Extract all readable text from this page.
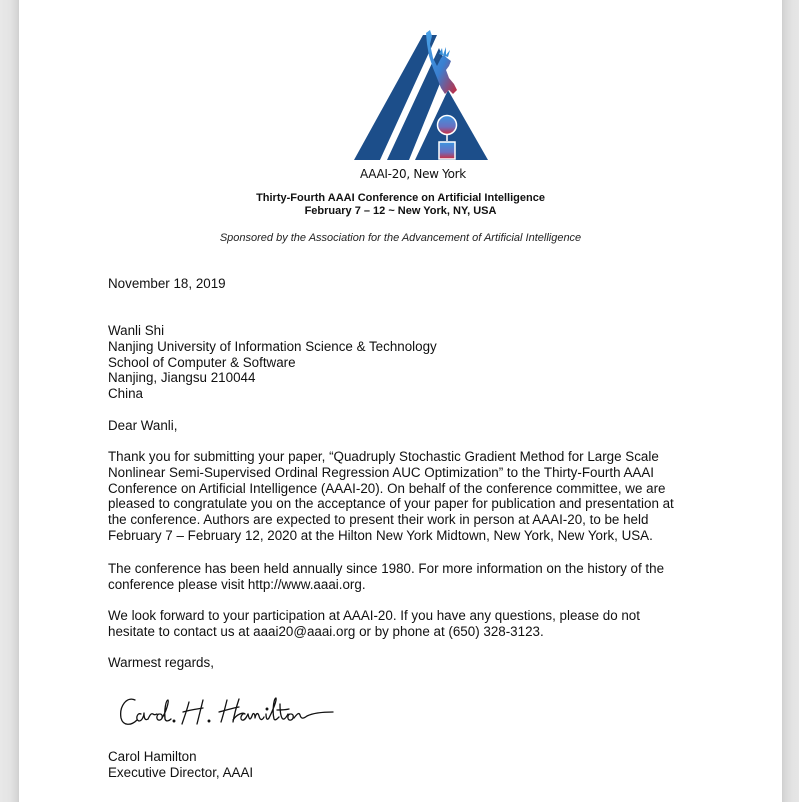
AAAI-20, New York
Thirty-Fourth AAAI Conference on Artificial Intelligence
February 7 – 12 ~ New York, NY, USA
Sponsored by the Association for the Advancement of Artificial Intelligence
November 18, 2019
Wanli Shi
Nanjing University of Information Science & Technology
School of Computer & Software
Nanjing, Jiangsu 210044
China
Dear Wanli,
Thank you for submitting your paper, “Quadruply Stochastic Gradient Method for Large Scale
Nonlinear Semi-Supervised Ordinal Regression AUC Optimization” to the Thirty-Fourth AAAI
Conference on Artificial Intelligence (AAAI-20). On behalf of the conference committee, we are
pleased to congratulate you on the acceptance of your paper for publication and presentation at
the conference. Authors are expected to present their work in person at AAAI-20, to be held
February 7 – February 12, 2020 at the Hilton New York Midtown, New York, New York, USA.
The conference has been held annually since 1980. For more information on the history of the
conference please visit http://www.aaai.org.
We look forward to your participation at AAAI-20. If you have any questions, please do not
hesitate to contact us at aaai20@aaai.org or by phone at (650) 328-3123.
Warmest regards,
Carol Hamilton
Executive Director, AAAI
